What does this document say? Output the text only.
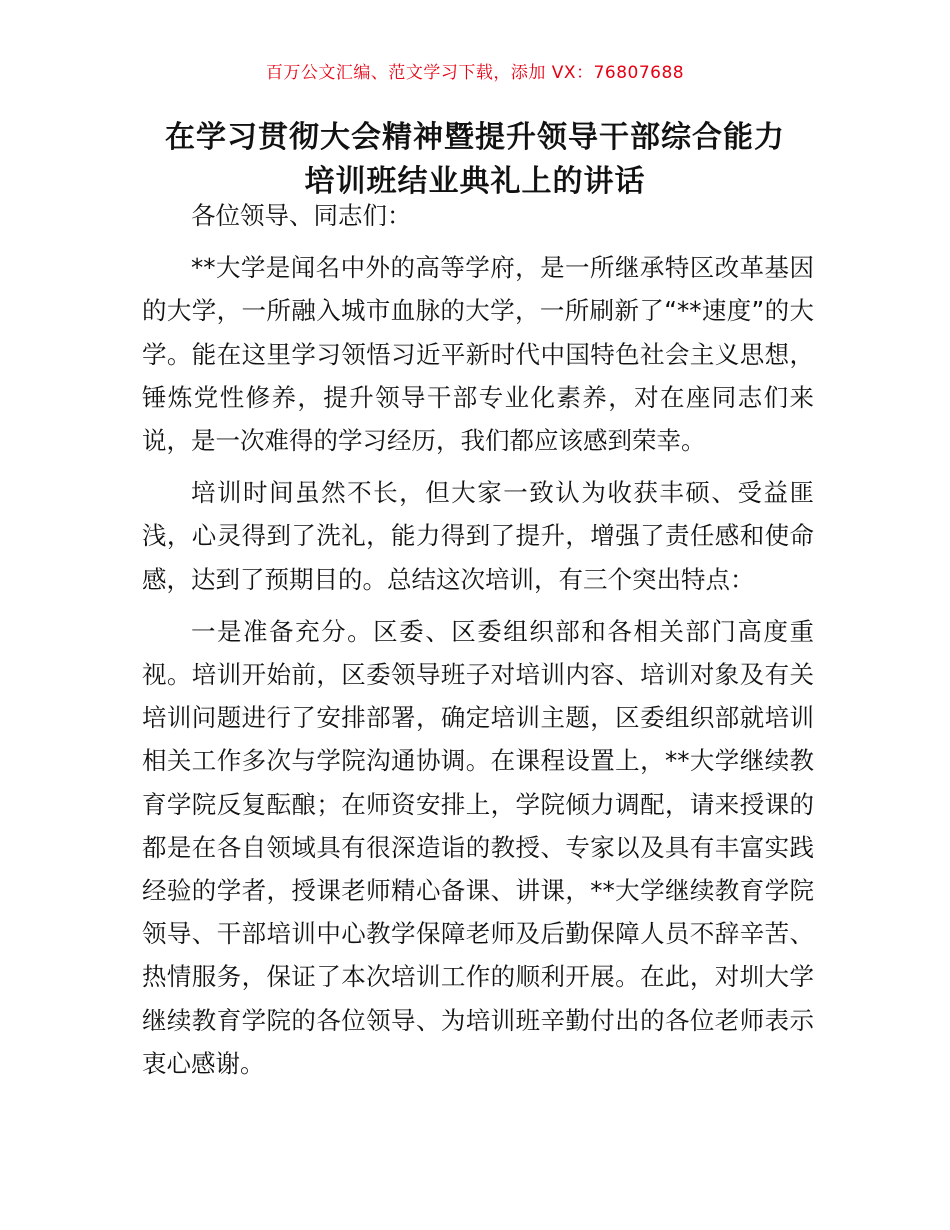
百万公文汇编、范文学习下载，添加 VX：76807688
在学习贯彻大会精神暨提升领导干部综合能力
培训班结业典礼上的讲话

各位领导、同志们：

**大学是闻名中外的高等学府，是一所继承特区改革基因的大学，一所融入城市血脉的大学，一所刷新了“**速度”的大学。能在这里学习领悟习近平新时代中国特色社会主义思想，锤炼党性修养，提升领导干部专业化素养，对在座同志们来说，是一次难得的学习经历，我们都应该感到荣幸。

培训时间虽然不长，但大家一致认为收获丰硕、受益匪浅，心灵得到了洗礼，能力得到了提升，增强了责任感和使命感，达到了预期目的。总结这次培训，有三个突出特点：

一是准备充分。区委、区委组织部和各相关部门高度重视。培训开始前，区委领导班子对培训内容、培训对象及有关培训问题进行了安排部署，确定培训主题，区委组织部就培训相关工作多次与学院沟通协调。在课程设置上，**大学继续教育学院反复酝酿；在师资安排上，学院倾力调配，请来授课的都是在各自领域具有很深造诣的教授、专家以及具有丰富实践经验的学者，授课老师精心备课、讲课，**大学继续教育学院领导、干部培训中心教学保障老师及后勤保障人员不辞辛苦、热情服务，保证了本次培训工作的顺利开展。在此，对圳大学继续教育学院的各位领导、为培训班辛勤付出的各位老师表示衷心感谢。
